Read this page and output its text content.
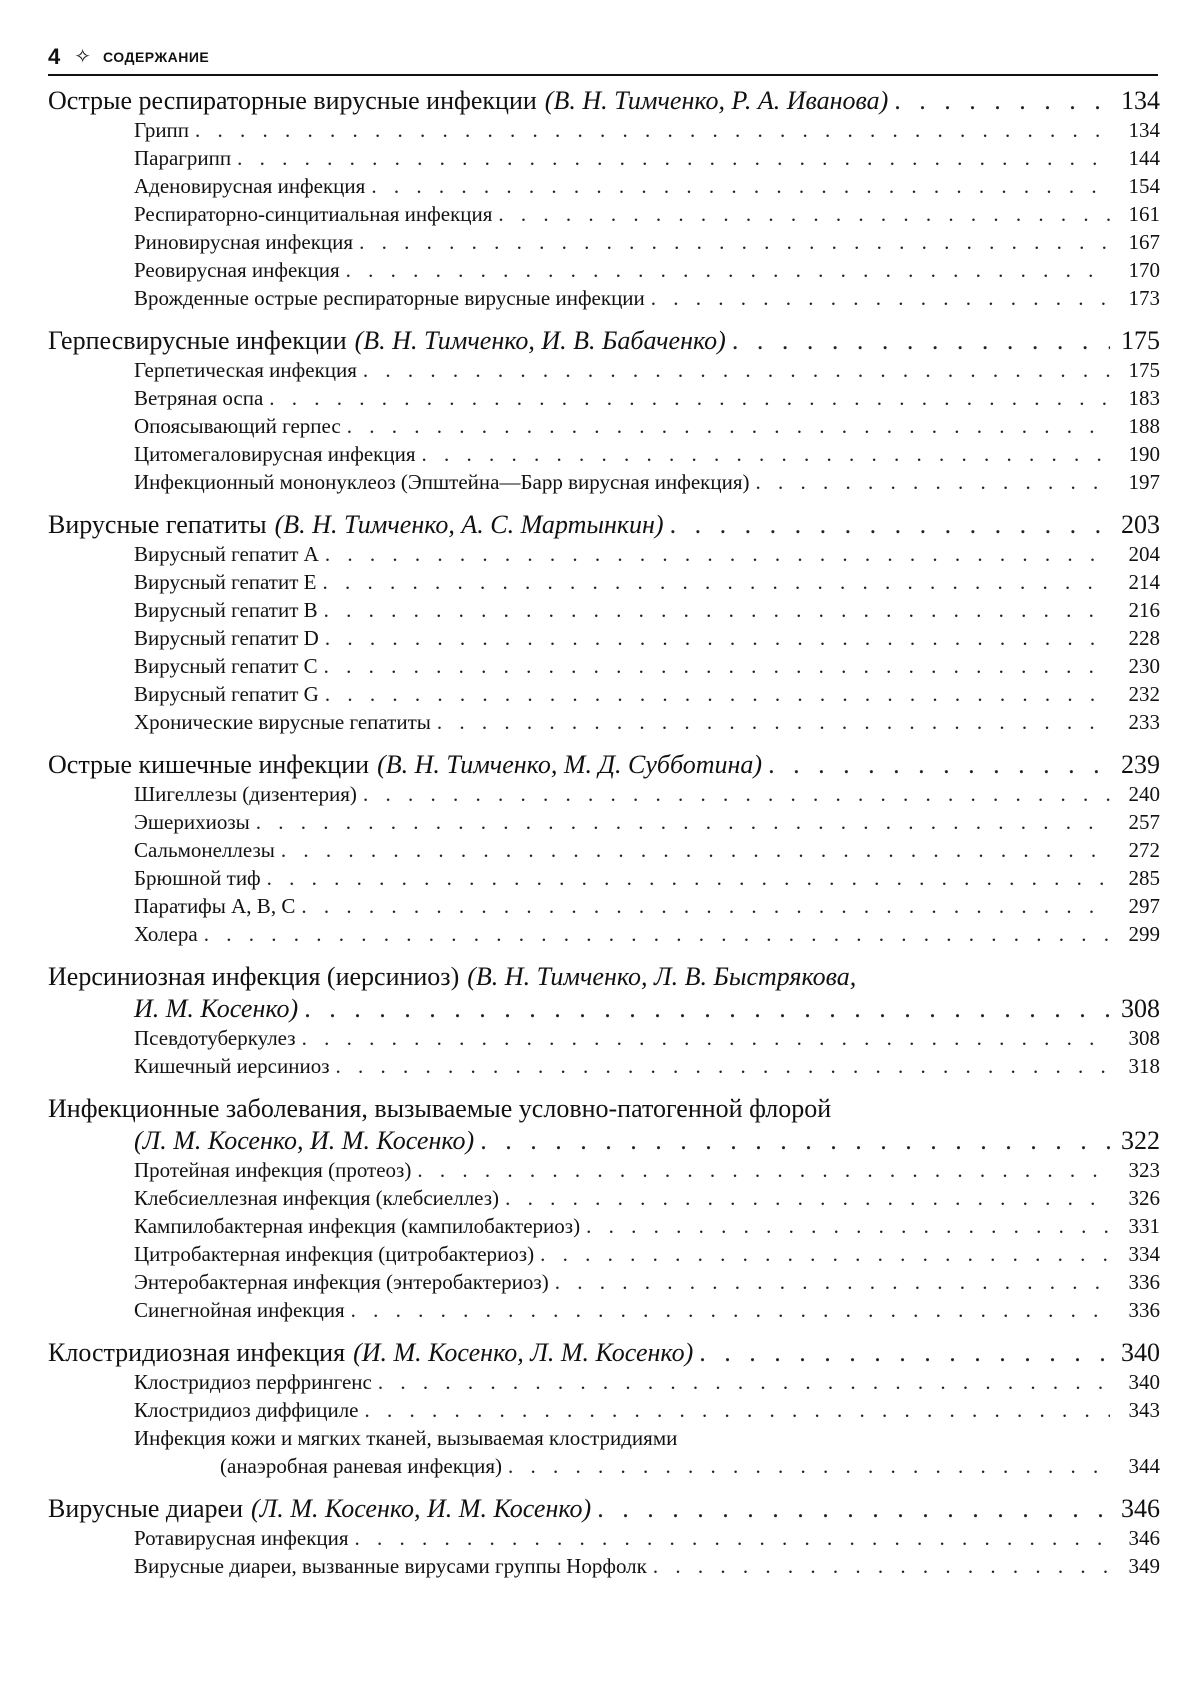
4 ✧ СОДЕРЖАНИЕ
Острые респираторные вирусные инфекции (В. Н. Тимченко, Р. А. Иванова) . . .	134
Грипп . . .	134
Парагрипп . . .	144
Аденовирусная инфекция . . .	154
Респираторно-синцитиальная инфекция . . .	161
Риновирусная инфекция . . .	167
Реовирусная инфекция . . .	170
Врожденные острые респираторные вирусные инфекции . . .	173
Герпесвирусные инфекции (В. Н. Тимченко, И. В. Бабаченко) . . .	175
Герпетическая инфекция . . .	175
Ветряная оспа . . .	183
Опоясывающий герпес . . .	188
Цитомегаловирусная инфекция . . .	190
Инфекционный мононуклеоз (Эпштейна—Барр вирусная инфекция) . . .	197
Вирусные гепатиты (В. Н. Тимченко, А. С. Мартынкин) . . .	203
Вирусный гепатит A . . .	204
Вирусный гепатит E . . .	214
Вирусный гепатит B . . .	216
Вирусный гепатит D . . .	228
Вирусный гепатит C . . .	230
Вирусный гепатит G . . .	232
Хронические вирусные гепатиты . . .	233
Острые кишечные инфекции (В. Н. Тимченко, М. Д. Субботина) . . .	239
Шигеллезы (дизентерия) . . .	240
Эшерихиозы . . .	257
Сальмонеллезы . . .	272
Брюшной тиф . . .	285
Паратифы А, В, С . . .	297
Холера . . .	299
Иерсиниозная инфекция (иерсиниоз) (В. Н. Тимченко, Л. В. Быстрякова,
И. М. Косенко) . . .	308
Псевдотуберкулез . . .	308
Кишечный иерсиниоз . . .	318
Инфекционные заболевания, вызываемые условно-патогенной флорой
(Л. М. Косенко, И. М. Косенко) . . .	322
Протейная инфекция (протеоз) . . .	323
Клебсиеллезная инфекция (клебсиеллез) . . .	326
Кампилобактерная инфекция (кампилобактериоз) . . .	331
Цитробактерная инфекция (цитробактериоз) . . .	334
Энтеробактерная инфекция (энтеробактериоз) . . .	336
Синегнойная инфекция . . .	336
Клостридиозная инфекция (И. М. Косенко, Л. М. Косенко) . . .	340
Клостридиоз перфрингенс . . .	340
Клостридиоз диффициле . . .	343
Инфекция кожи и мягких тканей, вызываемая клостридиями
(анаэробная раневая инфекция) . . .	344
Вирусные диареи (Л. М. Косенко, И. М. Косенко) . . .	346
Ротавирусная инфекция . . .	346
Вирусные диареи, вызванные вирусами группы Норфолк . . .	349
